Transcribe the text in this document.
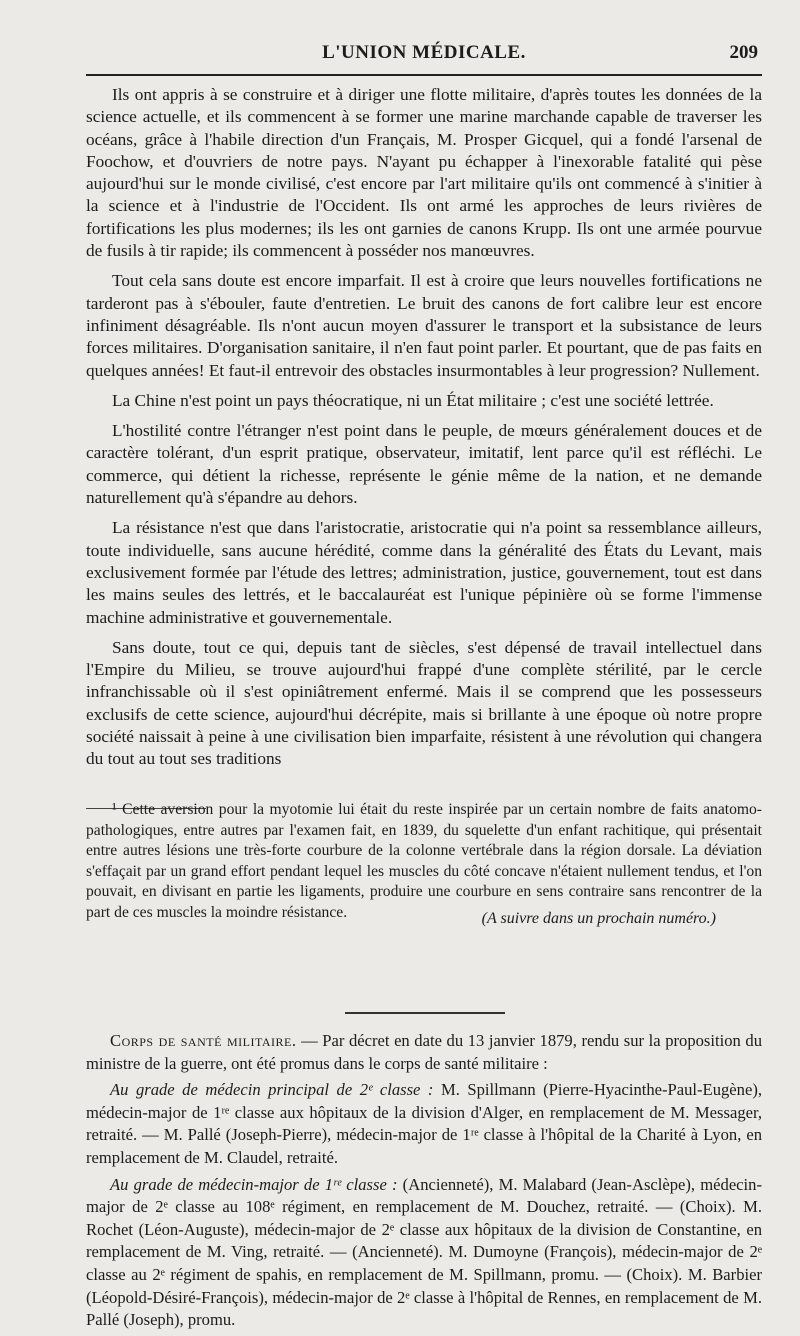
L'UNION MÉDICALE.	209

Ils ont appris à se construire et à diriger une flotte militaire, d'après toutes les données de la science actuelle, et ils commencent à se former une marine marchande capable de traverser les océans, grâce à l'habile direction d'un Français, M. Prosper Gicquel, qui a fondé l'arsenal de Foochow, et d'ouvriers de notre pays. N'ayant pu échapper à l'inexorable fatalité qui pèse aujourd'hui sur le monde civilisé, c'est encore par l'art militaire qu'ils ont commencé à s'initier à la science et à l'industrie de l'Occident. Ils ont armé les approches de leurs rivières de fortifications les plus modernes; ils les ont garnies de canons Krupp. Ils ont une armée pourvue de fusils à tir rapide; ils commencent à posséder nos manœuvres.

Tout cela sans doute est encore imparfait. Il est à croire que leurs nouvelles fortifications ne tarderont pas à s'ébouler, faute d'entretien. Le bruit des canons de fort calibre leur est encore infiniment désagréable. Ils n'ont aucun moyen d'assurer le transport et la subsistance de leurs forces militaires. D'organisation sanitaire, il n'en faut point parler. Et pourtant, que de pas faits en quelques années! Et faut-il entrevoir des obstacles insurmontables à leur progression? Nullement.

La Chine n'est point un pays théocratique, ni un État militaire ; c'est une société lettrée.

L'hostilité contre l'étranger n'est point dans le peuple, de mœurs généralement douces et de caractère tolérant, d'un esprit pratique, observateur, imitatif, lent parce qu'il est réfléchi. Le commerce, qui détient la richesse, représente le génie même de la nation, et ne demande naturellement qu'à s'épandre au dehors.

La résistance n'est que dans l'aristocratie, aristocratie qui n'a point sa ressemblance ailleurs, toute individuelle, sans aucune hérédité, comme dans la généralité des États du Levant, mais exclusivement formée par l'étude des lettres; administration, justice, gouvernement, tout est dans les mains seules des lettrés, et le baccalauréat est l'unique pépinière où se forme l'immense machine administrative et gouvernementale.

Sans doute, tout ce qui, depuis tant de siècles, s'est dépensé de travail intellectuel dans l'Empire du Milieu, se trouve aujourd'hui frappé d'une complète stérilité, par le cercle infranchissable où il s'est opiniâtrement enfermé. Mais il se comprend que les possesseurs exclusifs de cette science, aujourd'hui décrépite, mais si brillante à une époque où notre propre société naissait à peine à une civilisation bien imparfaite, résistent à une révolution qui changera du tout au tout ses traditions

¹ Cette aversion pour la myotomie lui était du reste inspirée par un certain nombre de faits anatomo-pathologiques, entre autres par l'examen fait, en 1839, du squelette d'un enfant rachitique, qui présentait entre autres lésions une très-forte courbure de la colonne vertébrale dans la région dorsale. La déviation s'effaçait par un grand effort pendant lequel les muscles du côté concave n'étaient nullement tendus, et l'on pouvait, en divisant en partie les ligaments, produire une courbure en sens contraire sans rencontrer de la part de ces muscles la moindre résistance.	(A suivre dans un prochain numéro.)

Corps de santé militaire. — Par décret en date du 13 janvier 1879, rendu sur la proposition du ministre de la guerre, ont été promus dans le corps de santé militaire :

Au grade de médecin principal de 2ᵉ classe : M. Spillmann (Pierre-Hyacinthe-Paul-Eugène), médecin-major de 1ʳᵉ classe aux hôpitaux de la division d'Alger, en remplacement de M. Messager, retraité. — M. Pallé (Joseph-Pierre), médecin-major de 1ʳᵉ classe à l'hôpital de la Charité à Lyon, en remplacement de M. Claudel, retraité.

Au grade de médecin-major de 1ʳᵉ classe : (Ancienneté), M. Malabard (Jean-Asclèpe), médecin-major de 2ᵉ classe au 108ᵉ régiment, en remplacement de M. Douchez, retraité. — (Choix). M. Rochet (Léon-Auguste), médecin-major de 2ᵉ classe aux hôpitaux de la division de Constantine, en remplacement de M. Ving, retraité. — (Ancienneté). M. Dumoyne (François), médecin-major de 2ᵉ classe au 2ᵉ régiment de spahis, en remplacement de M. Spillmann, promu. — (Choix). M. Barbier (Léopold-Désiré-François), médecin-major de 2ᵉ classe à l'hôpital de Rennes, en remplacement de M. Pallé (Joseph), promu.
